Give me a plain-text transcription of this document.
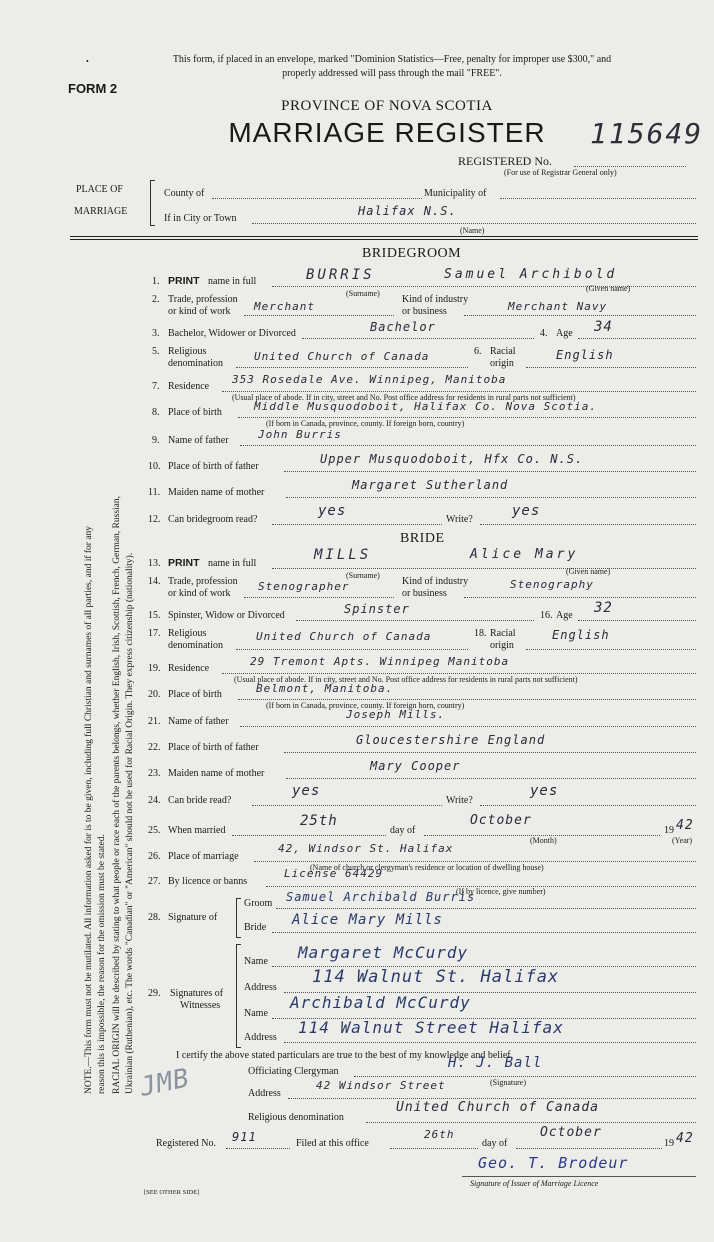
•	This form, if placed in an envelope, marked "Dominion Statistics—Free, penalty for improper use $300," and
properly addressed will pass through the mail "FREE".
FORM 2
PROVINCE OF NOVA SCOTIA
MARRIAGE REGISTER	115649
REGISTERED No.
(For use of Registrar General only)
PLACE OF
MARRIAGE
County of	Municipality of
If in City or Town
Halifax N.S.
(Name)
NOTE.—This form must not be mutilated. All information asked for is to be given, including full Christian and surnames of all parties, and if for any reason this is impossible, the reason for the omission must be stated. RACIAL ORIGIN will be described by stating to what people or race each of the parents belongs, whether English, Irish, Scottish, French, German, Russian, Ukrainian (Ruthenian), etc. The words "Canadian" or "American" should not be used for Racial Origin. They express citizenship (nationality).
BRIDEGROOM
1. PRINT name in full	BURRIS	Samuel Archibold
(Surname)
(Given name)
2. Trade, profession
or kind of work Merchant
Kind of industry
or business	Merchant Navy
3. Bachelor, Widower or Divorced	Bachelor	4. Age 34
5. Religious
denomination
United Church of Canada	6. Racial
origin
English
7. Residence
353 Rosedale Ave. Winnipeg, Manitoba
(Usual place of abode. If in city, street and No. Post office address for residents in rural parts not sufficient)
8. Place of birth	Middle Musquodoboit, Halifax Co. Nova Scotia.
(If born in Canada, province, county. If foreign born, country)
9. Name of father	John Burris
10. Place of birth of father
Upper Musquodoboit, Hfx Co. N.S.
11. Maiden name of mother
Margaret Sutherland
12. Can bridegroom read?
yes
Write?
yes
BRIDE
13. PRINT name in full
MILLS	Alice Mary
(Surname)	(Given name)
14. Trade, profession
or kind of work
Stenographer	Kind of industry
or business
Stenography
15. Spinster, Widow or Divorced	Spinster	16. Age 32
17. Religious
denomination
United Church of Canada	18. Racial
origin
English
19. Residence
29 Tremont Apts. Winnipeg Manitoba
(Usual place of abode. If in city, street and No. Post office address for residents in rural parts not sufficient)
20. Place of birth	Belmont, Manitoba.
(If born in Canada, province, county. If foreign born, country)
21. Name of father
Joseph Mills.
22. Place of birth of father
Gloucestershire England
23. Maiden name of mother
Mary Cooper
24. Can bride read?
yes
Write?
yes
25. When married
25th
day of
October
(Month)
19 42
(Year)
26. Place of marriage
42, Windsor St. Halifax
(Name of church or clergyman's residence or location of dwelling house)
27. By licence or banns
License 64429
(If by licence, give number)
28. Signature of
Groom Samuel Archibald Burris
Bride Alice Mary Mills
29. Signatures of
Witnesses
Name Margaret McCurdy
Address
114 Walnut St. Halifax
Name
Archibald McCurdy
Address
114 Walnut Street Halifax
I certify the above stated particulars are true to the best of my knowledge and belief.
Officiating Clergyman
H. J. Ball
(Signature)
JMB	Address
42 Windsor Street
Religious denomination
United Church of Canada
Registered No. 911	Filed at this office
26th
day of
October
19 42
Geo. T. Brodeur
Signature of Issuer of Marriage Licence
[SEE OTHER SIDE]
